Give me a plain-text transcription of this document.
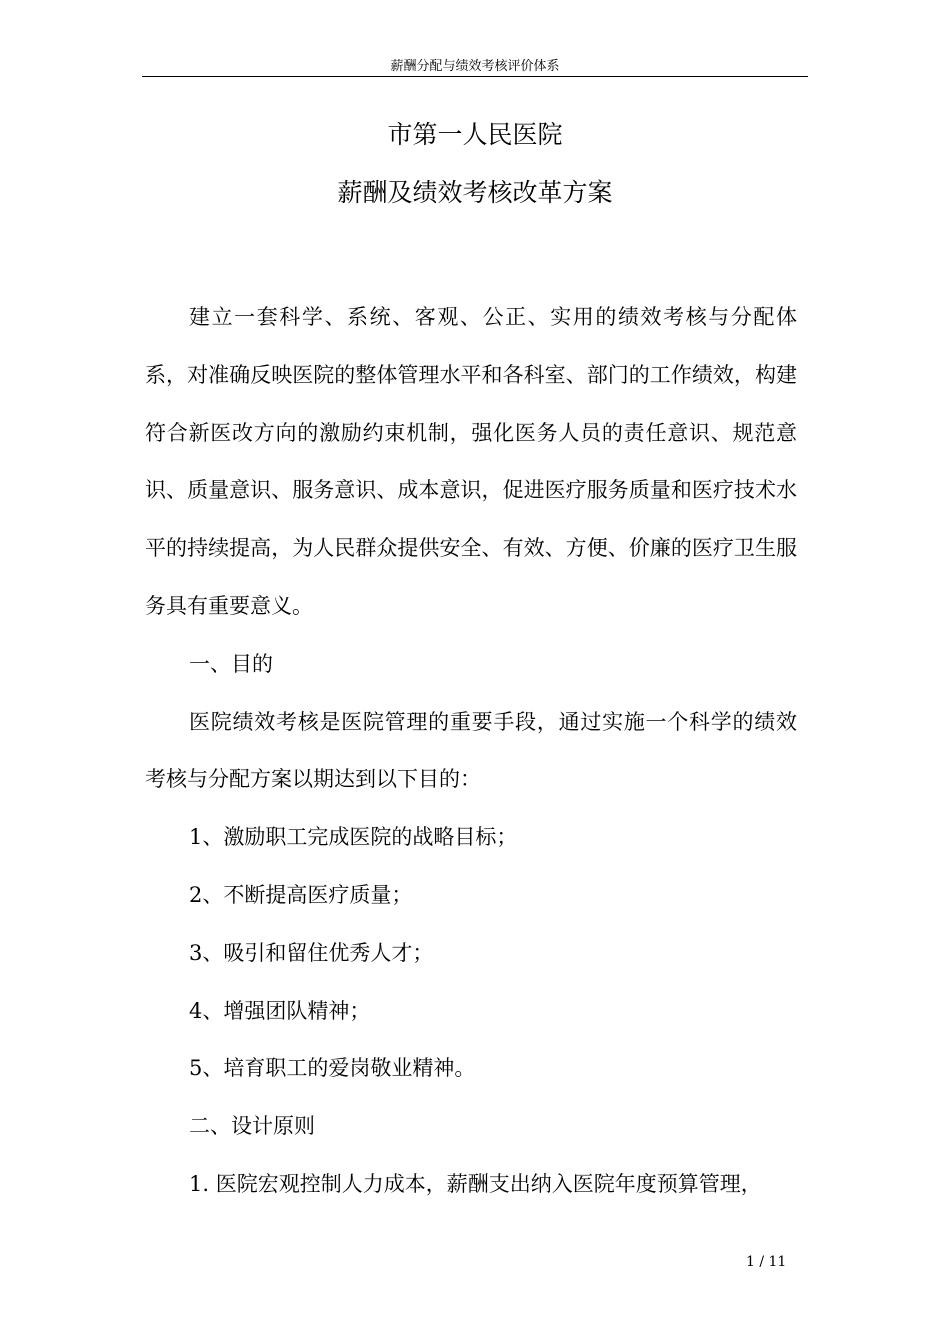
薪酬分配与绩效考核评价体系
市第一人民医院
薪酬及绩效考核改革方案

建立一套科学、系统、客观、公正、实用的绩效考核与分配体系，对准确反映医院的整体管理水平和各科室、部门的工作绩效，构建符合新医改方向的激励约束机制，强化医务人员的责任意识、规范意识、质量意识、服务意识、成本意识，促进医疗服务质量和医疗技术水平的持续提高，为人民群众提供安全、有效、方便、价廉的医疗卫生服务具有重要意义。

一、目的

医院绩效考核是医院管理的重要手段，通过实施一个科学的绩效考核与分配方案以期达到以下目的：

1、激励职工完成医院的战略目标；

2、不断提高医疗质量；

3、吸引和留住优秀人才；

4、增强团队精神；

5、培育职工的爱岗敬业精神。

二、设计原则

1. 医院宏观控制人力成本，薪酬支出纳入医院年度预算管理，

1 / 11
